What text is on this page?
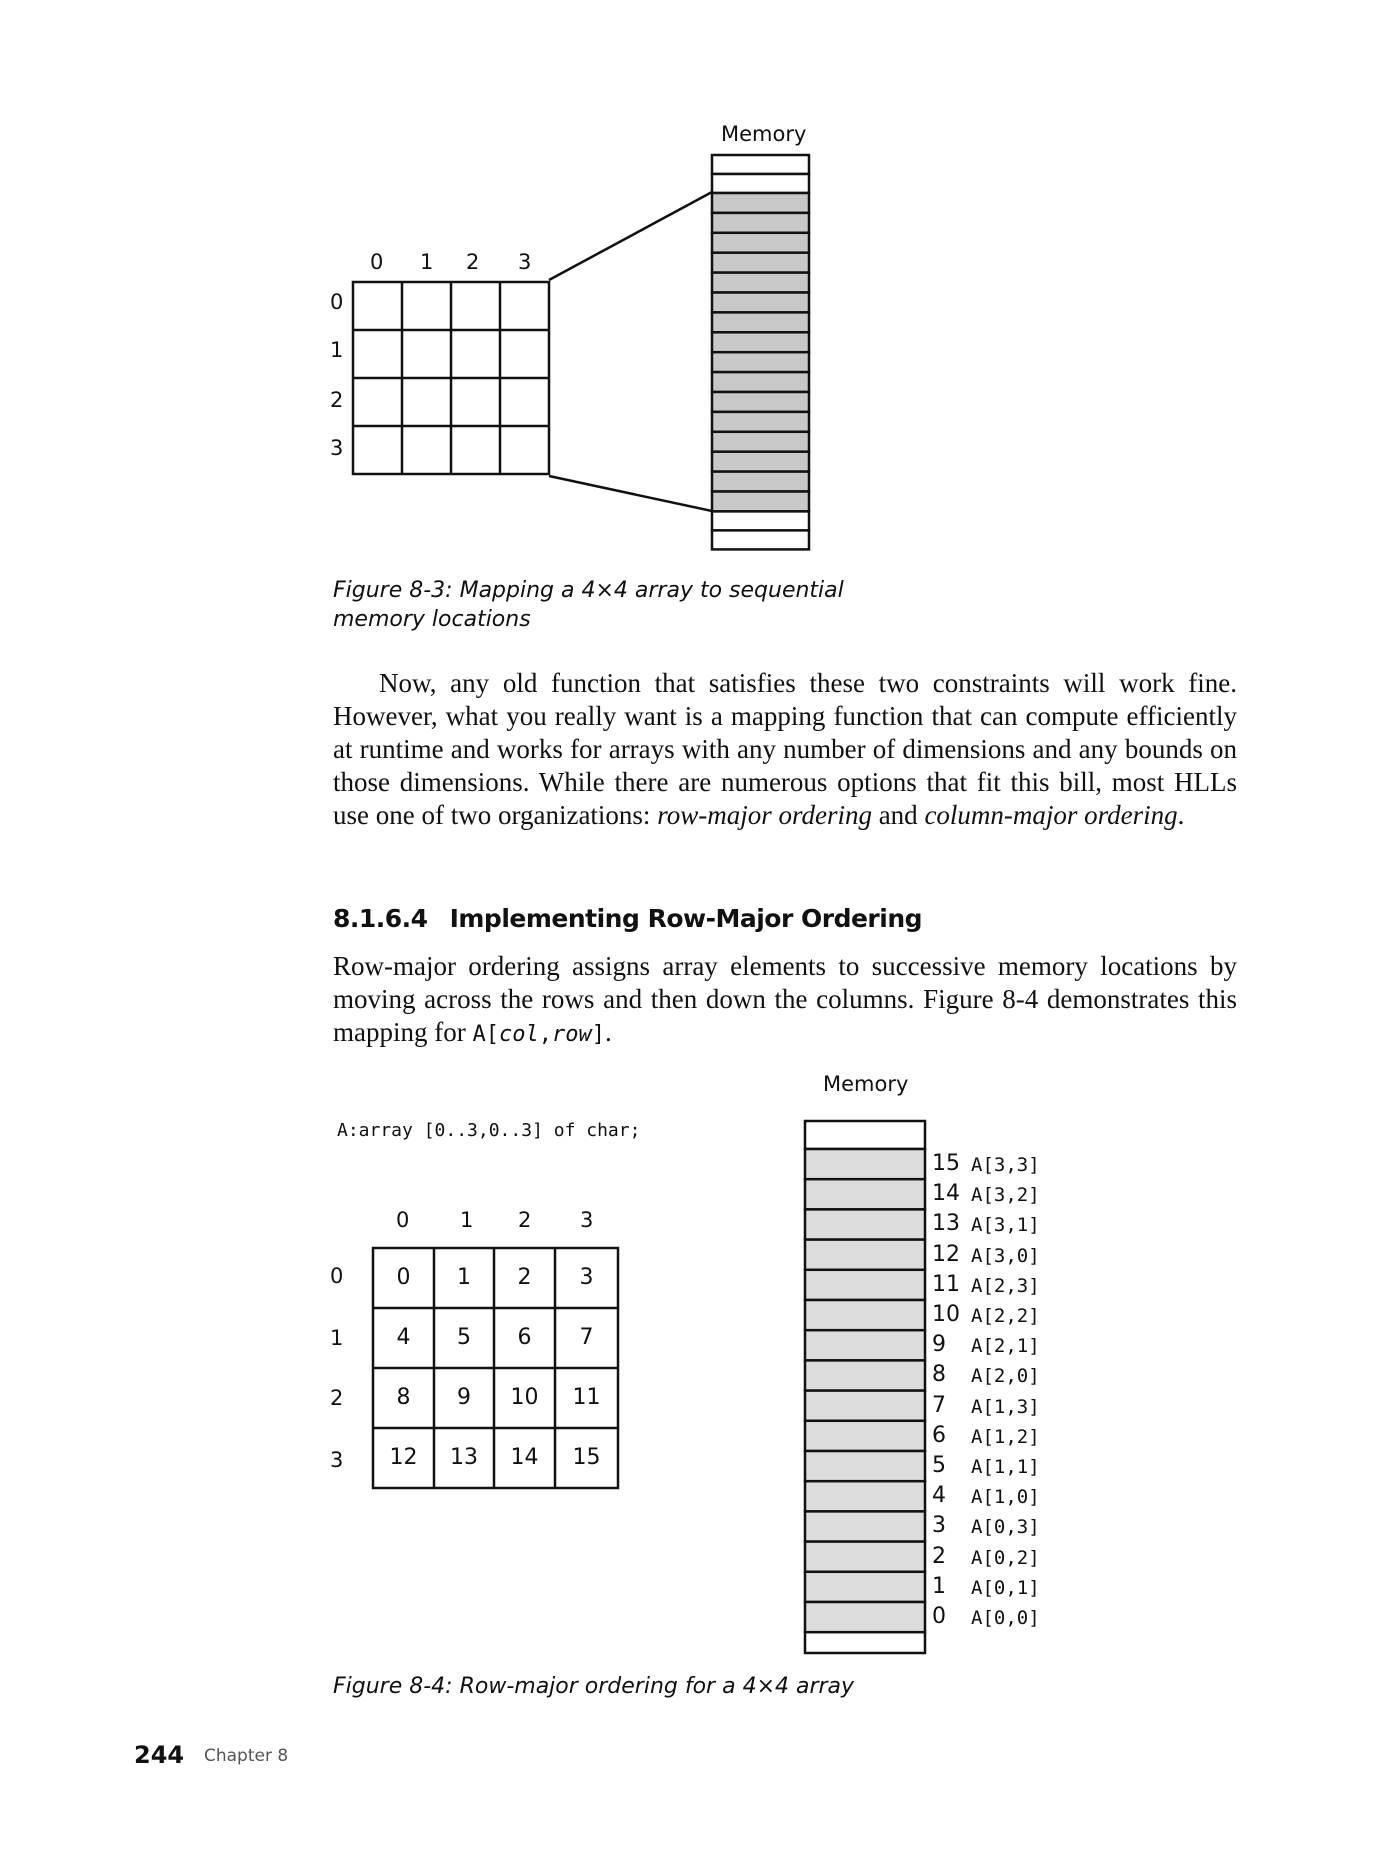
Memory
0 1 2 3
0
1
2
3
Figure 8-3: Mapping a 4×4 array to sequential
memory locations
Now, any old function that satisfies these two constraints will work fine. However, what you really want is a mapping function that can compute efficiently at runtime and works for arrays with any number of dimensions and any bounds on those dimensions. While there are numerous options that fit this bill, most HLLs use one of two organizations: row-major ordering and column-major ordering.
8.1.6.4 Implementing Row-Major Ordering
Row-major ordering assigns array elements to successive memory locations by moving across the rows and then down the columns. Figure 8-4 demonstrates this mapping for A[col,row].
Memory
A:array [0..3,0..3] of char;
0 1 2 3
0
1
2
3
0	1	2	3
4	5	6	7
8	9	10	11
12	13	14	15
15 A[3,3]
14 A[3,2]
13 A[3,1]
12 A[3,0]
11 A[2,3]
10 A[2,2]
9 A[2,1]
8 A[2,0]
7 A[1,3]
6 A[1,2]
5 A[1,1]
4 A[1,0]
3 A[0,3]
2 A[0,2]
1 A[0,1]
0 A[0,0]
Figure 8-4: Row-major ordering for a 4×4 array
244 Chapter 8
